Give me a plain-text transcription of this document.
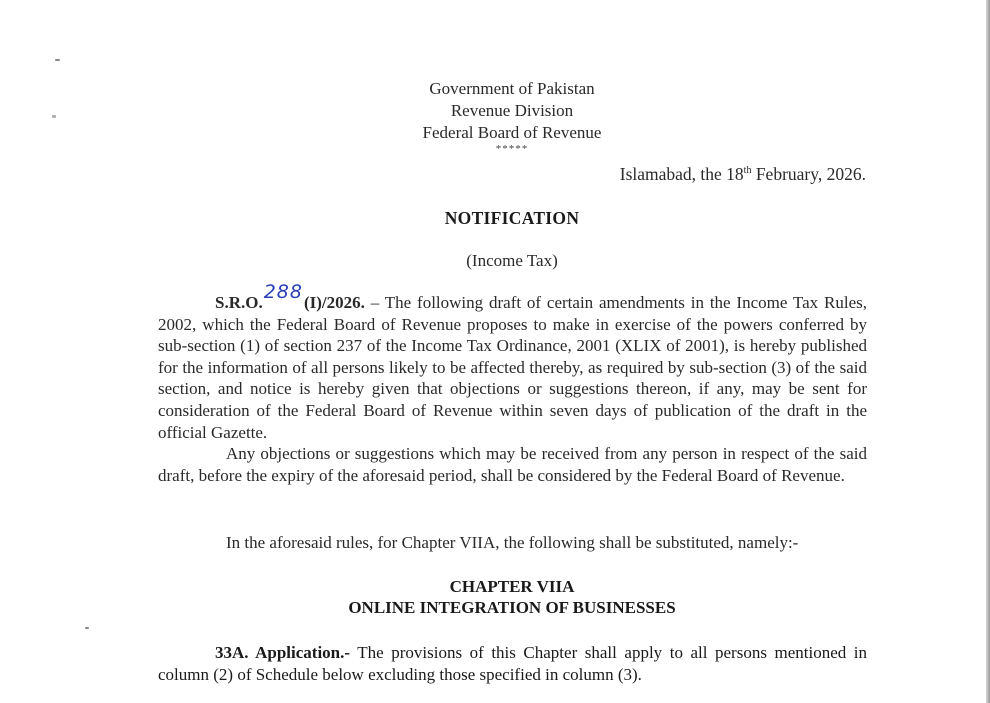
Government of Pakistan
Revenue Division
Federal Board of Revenue
*****
Islamabad, the 18th February, 2026.
NOTIFICATION
(Income Tax)
S.R.O.288(I)/2026. – The following draft of certain amendments in the Income Tax Rules, 2002, which the Federal Board of Revenue proposes to make in exercise of the powers conferred by sub-section (1) of section 237 of the Income Tax Ordinance, 2001 (XLIX of 2001), is hereby published for the information of all persons likely to be affected thereby, as required by sub-section (3) of the said section, and notice is hereby given that objections or suggestions thereon, if any, may be sent for consideration of the Federal Board of Revenue within seven days of publication of the draft in the official Gazette.
Any objections or suggestions which may be received from any person in respect of the said draft, before the expiry of the aforesaid period, shall be considered by the Federal Board of Revenue.
In the aforesaid rules, for Chapter VIIA, the following shall be substituted, namely:-
CHAPTER VIIA
ONLINE INTEGRATION OF BUSINESSES
33A. Application.- The provisions of this Chapter shall apply to all persons mentioned in column (2) of Schedule below excluding those specified in column (3).
